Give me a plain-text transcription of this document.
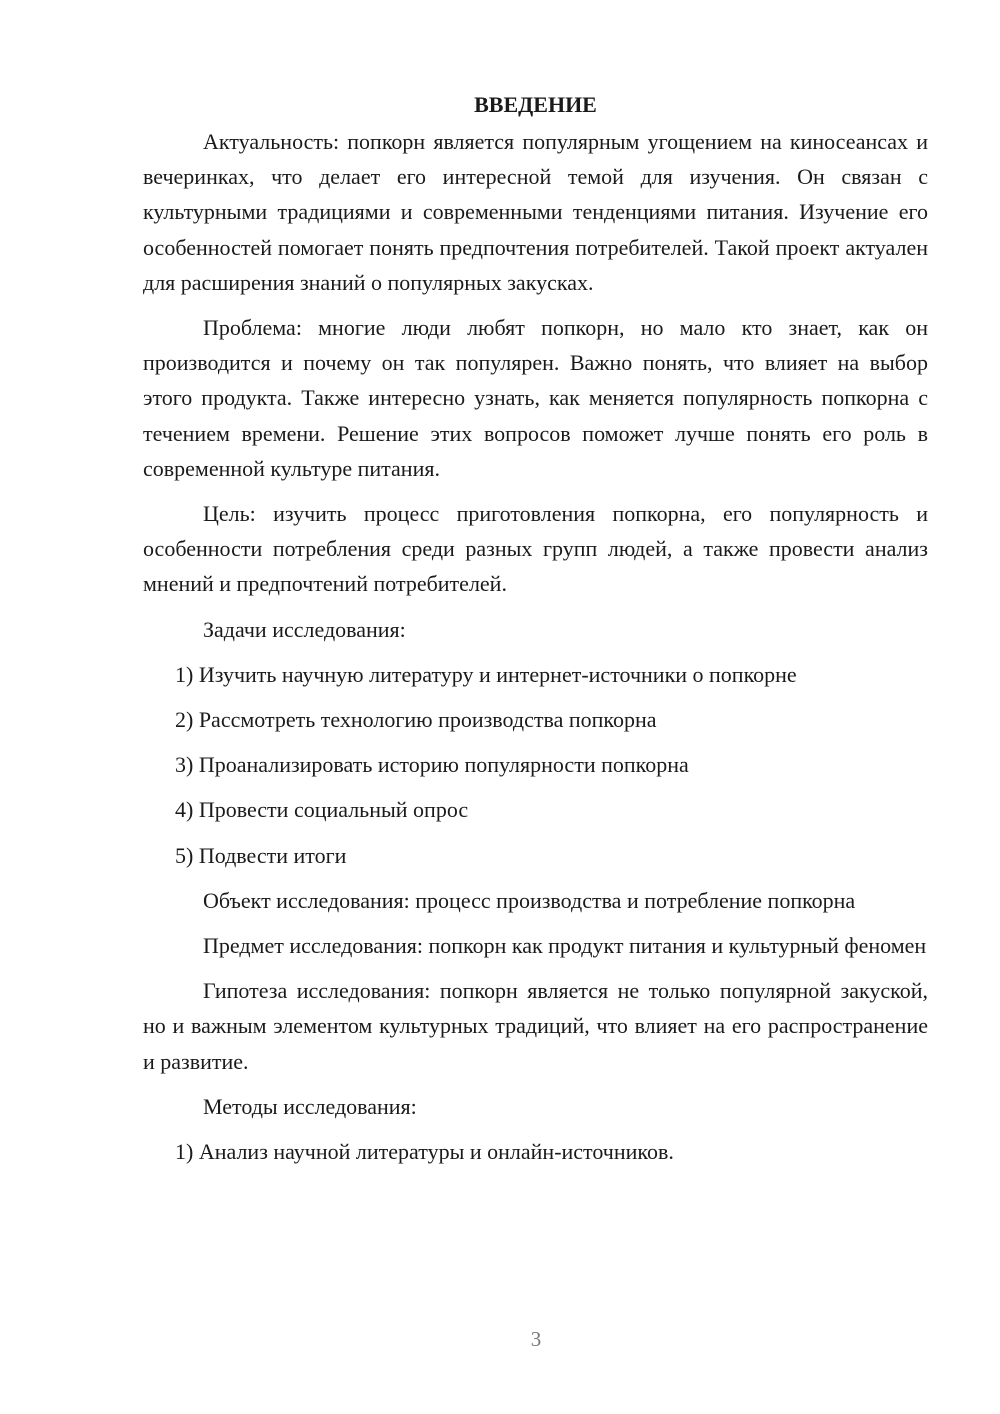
ВВЕДЕНИЕ

Актуальность: попкорн является популярным угощением на киносеансах и вечеринках, что делает его интересной темой для изучения. Он связан с культурными традициями и современными тенденциями питания. Изучение его особенностей помогает понять предпочтения потребителей. Такой проект актуален для расширения знаний о популярных закусках.

Проблема: многие люди любят попкорн, но мало кто знает, как он производится и почему он так популярен. Важно понять, что влияет на выбор этого продукта. Также интересно узнать, как меняется популярность попкорна с течением времени. Решение этих вопросов поможет лучше понять его роль в современной культуре питания.

Цель: изучить процесс приготовления попкорна, его популярность и особенности потребления среди разных групп людей, а также провести анализ мнений и предпочтений потребителей.

Задачи исследования:

1) Изучить научную литературу и интернет-источники о попкорне
2) Рассмотреть технологию производства попкорна
3) Проанализировать историю популярности попкорна
4) Провести социальный опрос
5) Подвести итоги

Объект исследования: процесс производства и потребление попкорна

Предмет исследования: попкорн как продукт питания и культурный феномен

Гипотеза исследования: попкорн является не только популярной закуской, но и важным элементом культурных традиций, что влияет на его распространение и развитие.

Методы исследования:

1) Анализ научной литературы и онлайн-источников.
3
